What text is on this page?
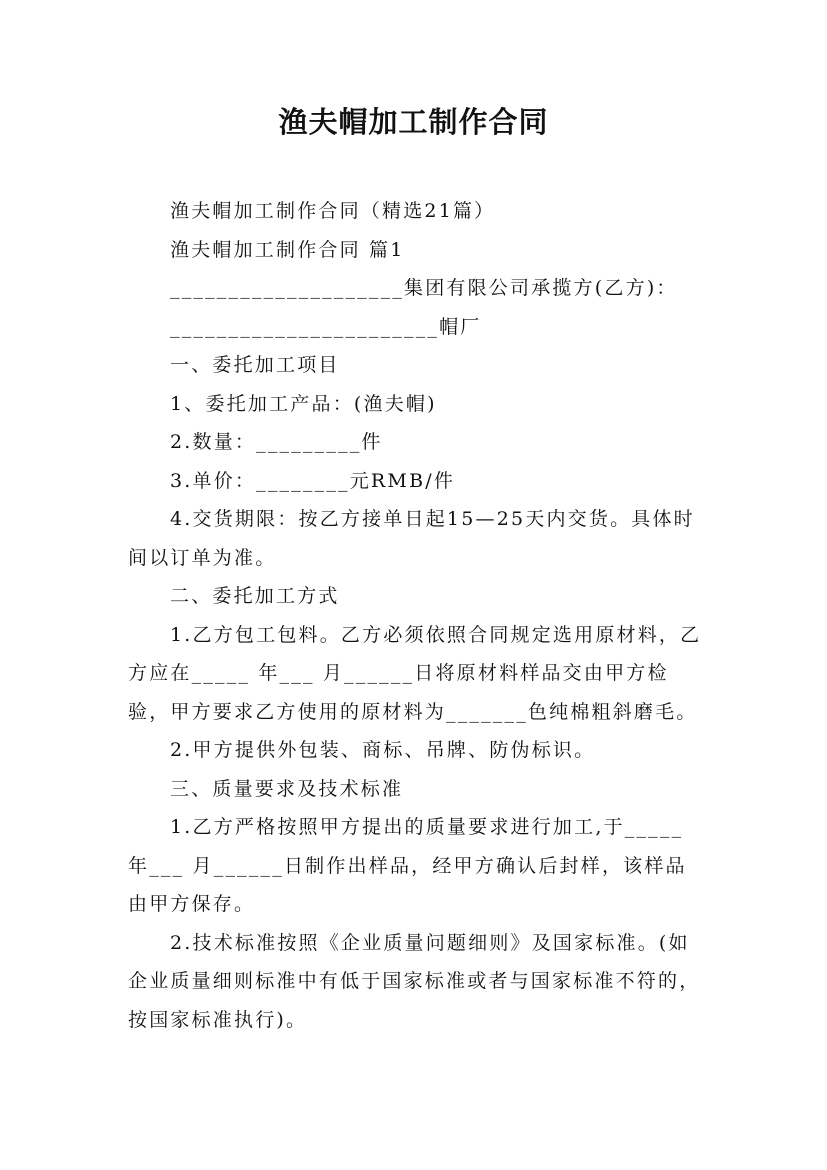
渔夫帽加工制作合同

渔夫帽加工制作合同（精选21篇）

渔夫帽加工制作合同 篇1

____________________集团有限公司承揽方(乙方)：

_______________________帽厂

一、委托加工项目

1、委托加工产品：(渔夫帽)

2.数量：_________件

3.单价：________元RMB/件

4.交货期限：按乙方接单日起15—25天内交货。具体时间以订单为准。

二、委托加工方式

1.乙方包工包料。乙方必须依照合同规定选用原材料，乙方应在_____ 年___ 月______日将原材料样品交由甲方检验，甲方要求乙方使用的原材料为_______色纯棉粗斜磨毛。

2.甲方提供外包装、商标、吊牌、防伪标识。

三、质量要求及技术标准

1.乙方严格按照甲方提出的质量要求进行加工,于_____年___ 月______日制作出样品，经甲方确认后封样，该样品由甲方保存。

2.技术标准按照《企业质量问题细则》及国家标准。(如企业质量细则标准中有低于国家标准或者与国家标准不符的，按国家标准执行)。
